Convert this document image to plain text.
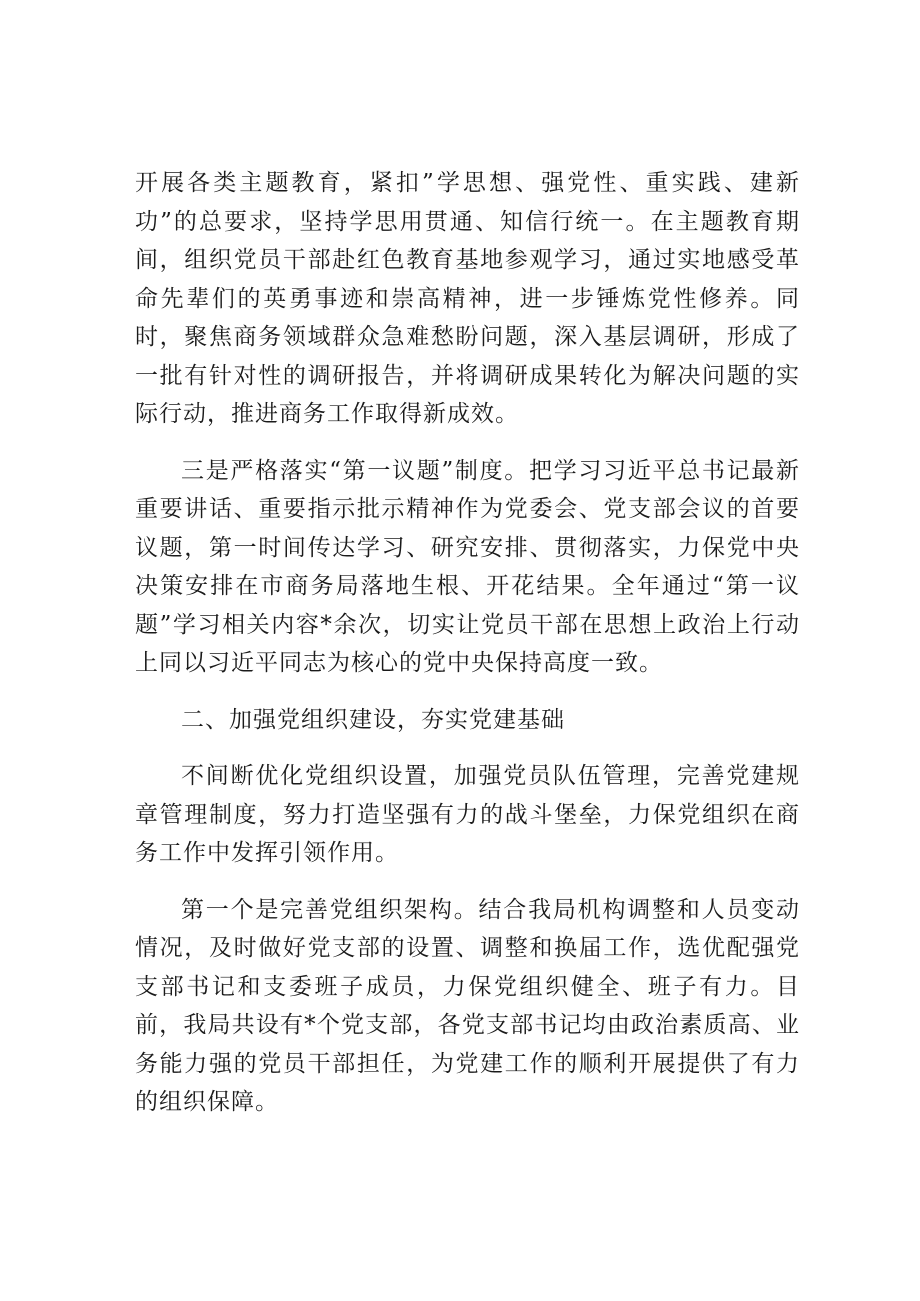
开展各类主题教育，紧扣”学思想、强党性、重实践、建新功”的总要求，坚持学思用贯通、知信行统一。在主题教育期间，组织党员干部赴红色教育基地参观学习，通过实地感受革命先辈们的英勇事迹和崇高精神，进一步锤炼党性修养。同时，聚焦商务领域群众急难愁盼问题，深入基层调研，形成了一批有针对性的调研报告，并将调研成果转化为解决问题的实际行动，推进商务工作取得新成效。

三是严格落实“第一议题”制度。把学习习近平总书记最新重要讲话、重要指示批示精神作为党委会、党支部会议的首要议题，第一时间传达学习、研究安排、贯彻落实，力保党中央决策安排在市商务局落地生根、开花结果。全年通过“第一议题”学习相关内容*余次，切实让党员干部在思想上政治上行动上同以习近平同志为核心的党中央保持高度一致。

二、加强党组织建设，夯实党建基础

不间断优化党组织设置，加强党员队伍管理，完善党建规章管理制度，努力打造坚强有力的战斗堡垒，力保党组织在商务工作中发挥引领作用。

第一个是完善党组织架构。结合我局机构调整和人员变动情况，及时做好党支部的设置、调整和换届工作，选优配强党支部书记和支委班子成员，力保党组织健全、班子有力。目前，我局共设有*个党支部，各党支部书记均由政治素质高、业务能力强的党员干部担任，为党建工作的顺利开展提供了有力的组织保障。
